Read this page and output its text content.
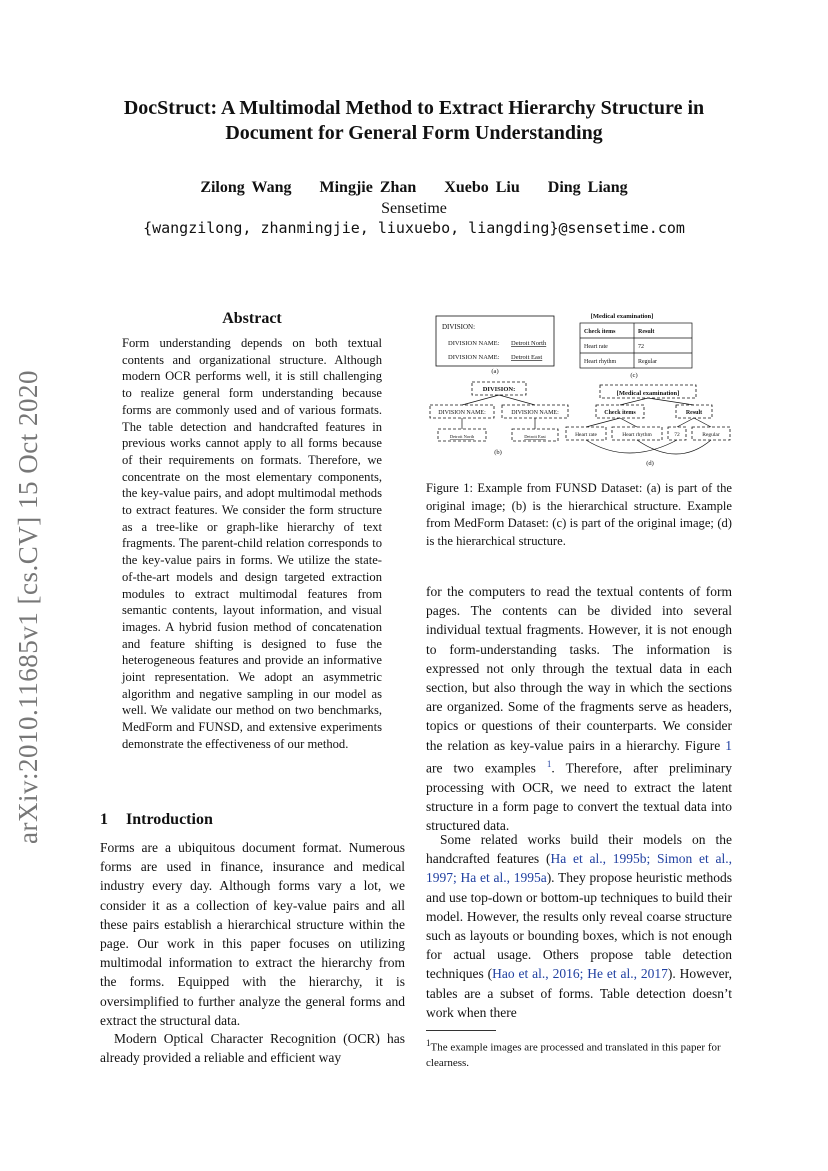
arXiv:2010.11685v1 [cs.CV] 15 Oct 2020
DocStruct: A Multimodal Method to Extract Hierarchy Structure in
Document for General Form Understanding
Zilong Wang    Mingjie Zhan    Xuebo Liu    Ding Liang
Sensetime
{wangzilong, zhanmingjie, liuxuebo, liangding}@sensetime.com
Abstract
Form understanding depends on both textual contents and organizational structure. Although modern OCR performs well, it is still challenging to realize general form understanding because forms are commonly used and of various formats. The table detection and handcrafted features in previous works cannot apply to all forms because of their requirements on formats. Therefore, we concentrate on the most elementary components, the key-value pairs, and adopt multimodal methods to extract features. We consider the form structure as a tree-like or graph-like hierarchy of text fragments. The parent-child relation corresponds to the key-value pairs in forms. We utilize the state-of-the-art models and design targeted extraction modules to extract multimodal features from semantic contents, layout information, and visual images. A hybrid fusion method of concatenation and feature shifting is designed to fuse the heterogeneous features and provide an informative joint representation. We adopt an asymmetric algorithm and negative sampling in our model as well. We validate our method on two benchmarks, MedForm and FUNSD, and extensive experiments demonstrate the effectiveness of our method.
1 Introduction
Forms are a ubiquitous document format. Numerous forms are used in finance, insurance and medical industry every day. Although forms vary a lot, we consider it as a collection of key-value pairs and all these pairs establish a hierarchical structure within the page. Our work in this paper focuses on utilizing multimodal information to extract the hierarchy from the forms. Equipped with the hierarchy, it is oversimplified to further analyze the general forms and extract the structural data.
Modern Optical Character Recognition (OCR) has already provided a reliable and efficient way
DIVISION:
DIVISION NAME: Detroit North
DIVISION NAME: Detroit East
(a)
DIVISION:
DIVISION NAME:	DIVISION NAME:
Detroit North	Detroit East
(b)
[Medical examination]
Check items	Result
Heart rate	72
Heart rhythm	Regular
(c)
[Medical examination]
Check items	Result
Heart rate	Heart rhythm	72	Regular
(d)
Figure 1: Example from FUNSD Dataset: (a) is part of the original image; (b) is the hierarchical structure. Example from MedForm Dataset: (c) is part of the original image; (d) is the hierarchical structure.
for the computers to read the textual contents of form pages. The contents can be divided into several individual textual fragments. However, it is not enough to form-understanding tasks. The information is expressed not only through the textual data in each section, but also through the way in which the sections are organized. Some of the fragments serve as headers, topics or questions of their counterparts. We consider the relation as key-value pairs in a hierarchy. Figure 1 are two examples $^1$. Therefore, after preliminary processing with OCR, we need to extract the latent structure in a form page to convert the textual data into structured data.
Some related works build their models on the handcrafted features (Ha et al., 1995b; Simon et al., 1997; Ha et al., 1995a). They propose heuristic methods and use top-down or bottom-up techniques to build their model. However, the results only reveal coarse structure such as layouts or bounding boxes, which is not enough for actual usage. Others propose table detection techniques (Hao et al., 2016; He et al., 2017). However, tables are a subset of forms. Table detection doesn’t work when there
$^1$The example images are processed and translated in this paper for clearness.
